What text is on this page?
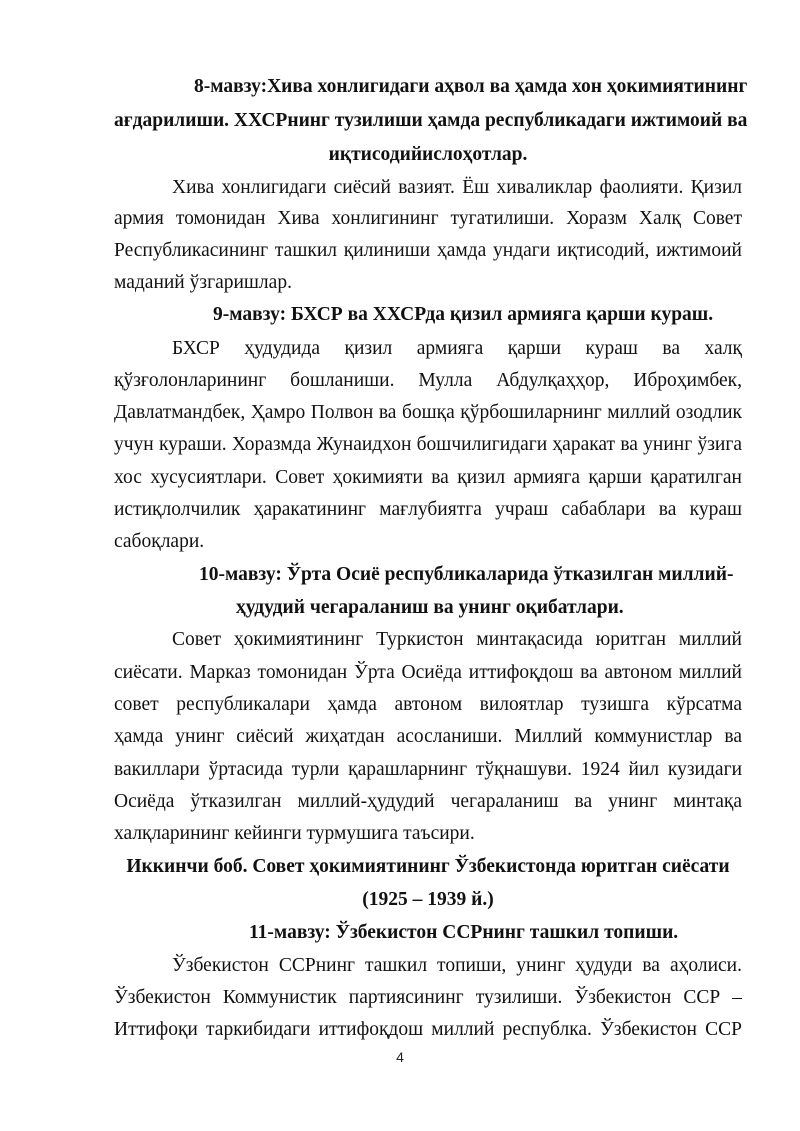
8-мавзу:Хива хонлигидаги аҳвол ва ҳамда хон ҳокимиятининг
ағдарилиши. ХХСРнинг тузилиши ҳамда республикадаги ижтимоий ва
иқтисодийислоҳотлар.
Хива хонлигидаги сиёсий вазият. Ёш хиваликлар фаолияти. Қизил
армия томонидан Хива хонлигининг тугатилиши. Хоразм Халқ Совет
Республикасининг ташкил қилиниши ҳамда ундаги иқтисодий, ижтимоий
маданий ўзгаришлар.
9-мавзу: БХСР ва ХХСРда қизил армияга қарши кураш.
БХСР ҳудудида қизил армияга қарши кураш ва халқ
қўзғолонларининг бошланиши. Мулла Абдулқаҳҳор, Иброҳимбек,
Давлатмандбек, Ҳамро Полвон ва бошқа қўрбошиларнинг миллий озодлик
учун кураши. Хоразмда Жунаидхон бошчилигидаги ҳаракат ва унинг ўзига
хос хусусиятлари. Совет ҳокимияти ва қизил армияга қарши қаратилган
истиқлолчилик ҳаракатининг мағлубиятга учраш сабаблари ва кураш
сабоқлари.
10-мавзу: Ўрта Осиё республикаларида ўтказилган миллий-
ҳудудий чегараланиш ва унинг оқибатлари.
Совет ҳокимиятининг Туркистон минтақасида юритган миллий
сиёсати. Марказ томонидан Ўрта Осиёда иттифоқдош ва автоном миллий
совет республикалари ҳамда автоном вилоятлар тузишга кўрсатма
ҳамда унинг сиёсий жиҳатдан асосланиши. Миллий коммунистлар ва
вакиллари ўртасида турли қарашларнинг тўқнашуви. 1924 йил кузидаги
Осиёда ўтказилган миллий-ҳудудий чегараланиш ва унинг минтақа
халқларининг кейинги турмушига таъсири.
Иккинчи боб. Совет ҳокимиятининг Ўзбекистонда юритган сиёсати
(1925 – 1939 й.)
11-мавзу: Ўзбекистон ССРнинг ташкил топиши.
Ўзбекистон ССРнинг ташкил топиши, унинг ҳудуди ва аҳолиси.
Ўзбекистон Коммунистик партиясининг тузилиши. Ўзбекистон ССР –
Иттифоқи таркибидаги иттифоқдош миллий республка. Ўзбекистон ССР
4
